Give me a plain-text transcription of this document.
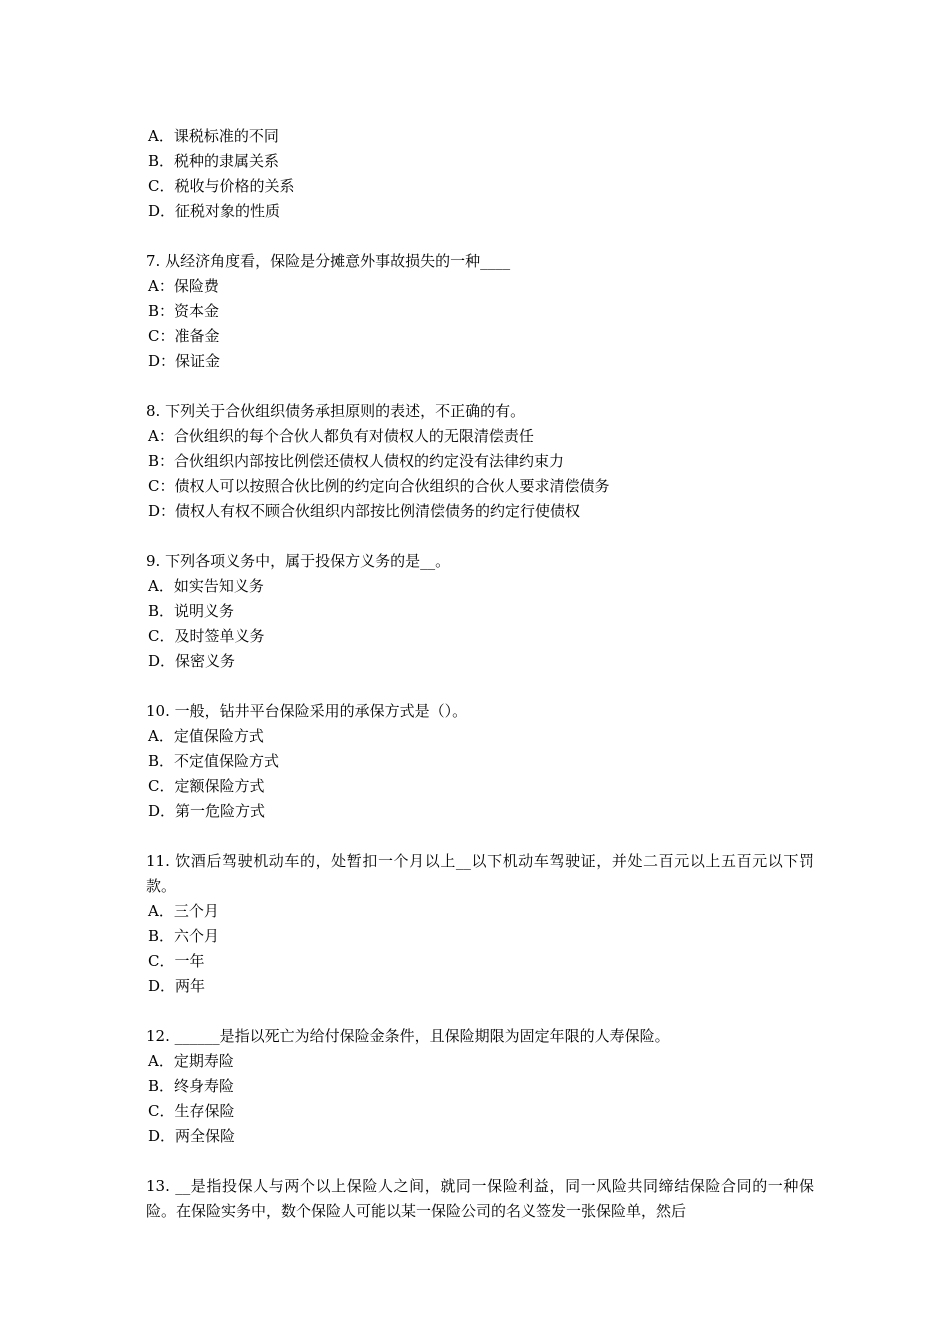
A．课税标准的不同
B．税种的隶属关系
C．税收与价格的关系
D．征税对象的性质
7. 从经济角度看，保险是分摊意外事故损失的一种____
A：保险费
B：资本金
C：准备金
D：保证金
8. 下列关于合伙组织债务承担原则的表述，不正确的有。
A：合伙组织的每个合伙人都负有对债权人的无限清偿责任
B：合伙组织内部按比例偿还债权人债权的约定没有法律约束力
C：债权人可以按照合伙比例的约定向合伙组织的合伙人要求清偿债务
D：债权人有权不顾合伙组织内部按比例清偿债务的约定行使债权
9. 下列各项义务中，属于投保方义务的是__。
A．如实告知义务
B．说明义务
C．及时签单义务
D．保密义务
10. 一般，钻井平台保险采用的承保方式是（）。
A．定值保险方式
B．不定值保险方式
C．定额保险方式
D．第一危险方式
11. 饮酒后驾驶机动车的，处暂扣一个月以上__以下机动车驾驶证，并处二百元以上五百元以下罚款。
A．三个月
B．六个月
C．一年
D．两年
12. ______是指以死亡为给付保险金条件，且保险期限为固定年限的人寿保险。
A．定期寿险
B．终身寿险
C．生存保险
D．两全保险
13. __是指投保人与两个以上保险人之间，就同一保险利益，同一风险共同缔结保险合同的一种保险。在保险实务中，数个保险人可能以某一保险公司的名义签发一张保险单，然后
